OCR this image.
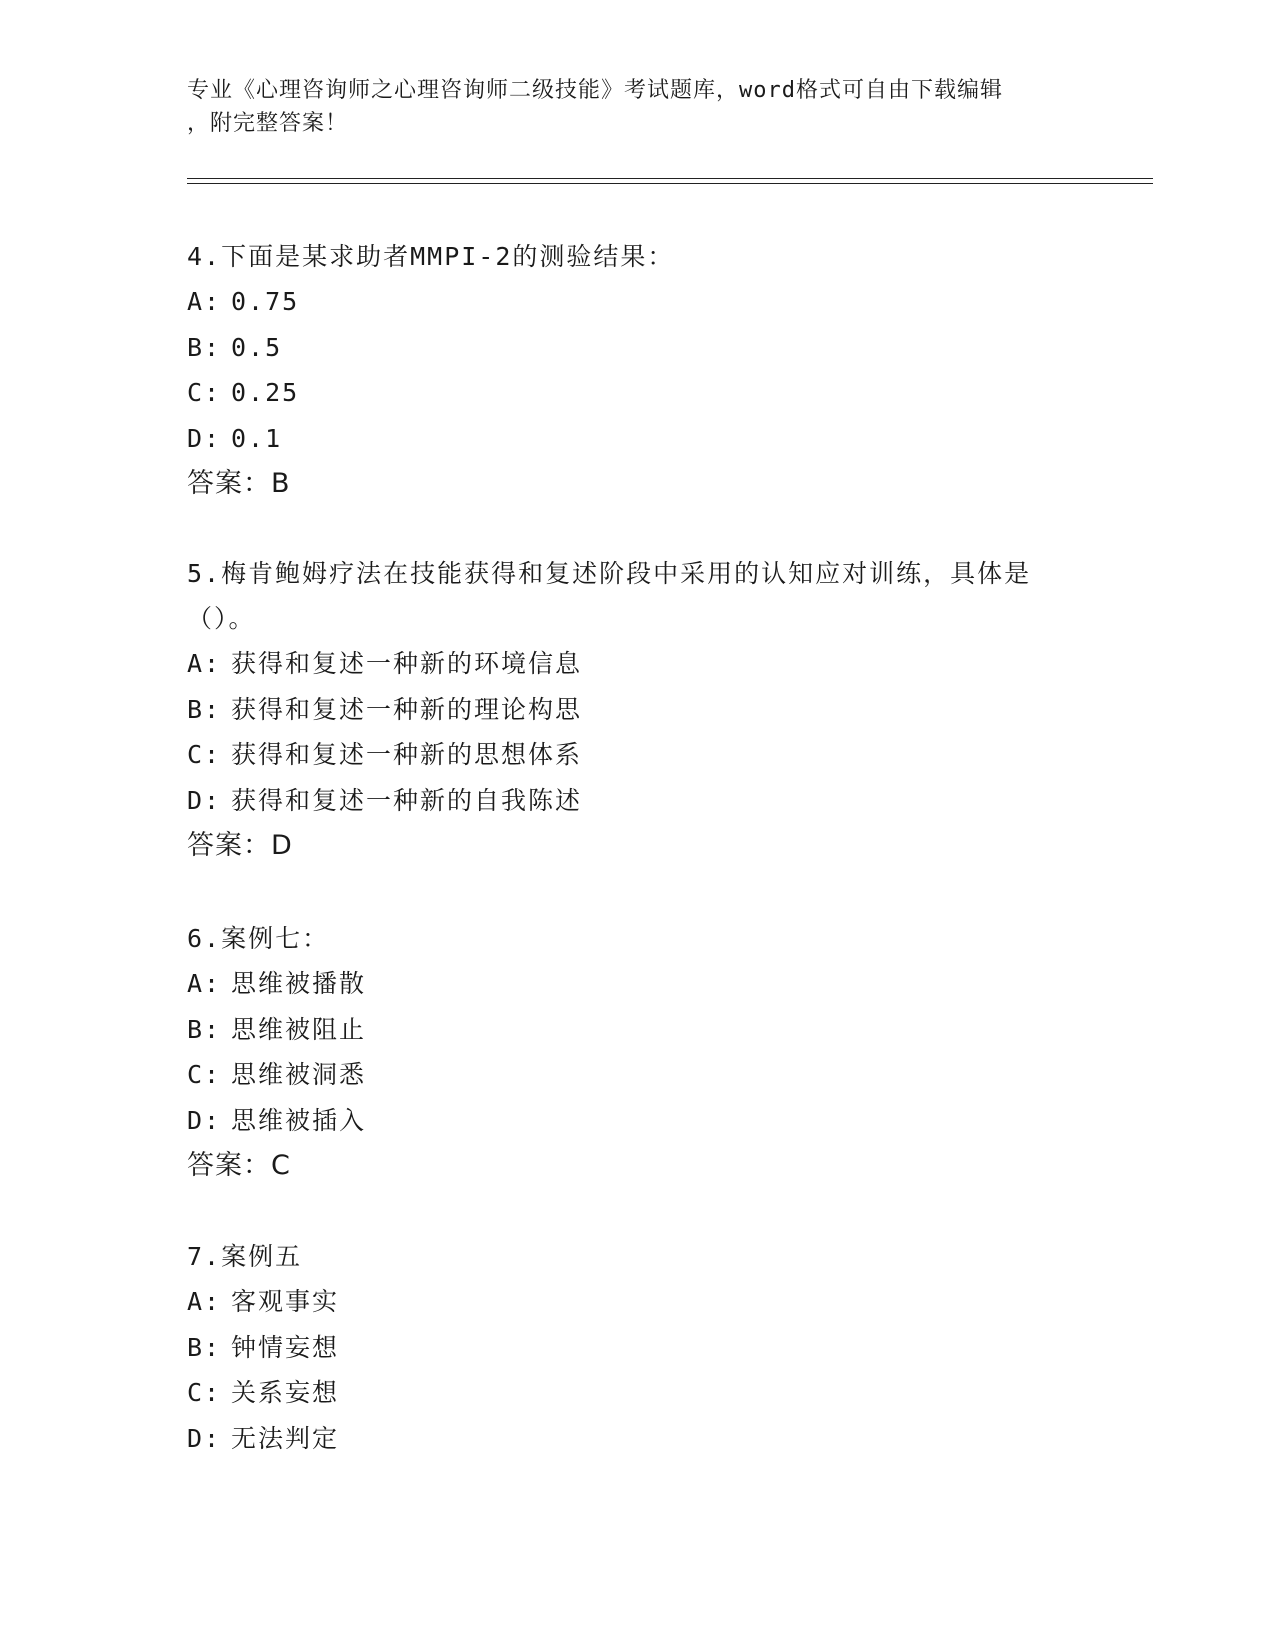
专业《心理咨询师之心理咨询师二级技能》考试题库，word格式可自由下载编辑
，附完整答案！

4.下面是某求助者MMPI-2的测验结果：

A: 0.75

B: 0.5

C: 0.25

D: 0.1

答案：B

5.梅肯鲍姆疗法在技能获得和复述阶段中采用的认知应对训练，具体是（）。

A: 获得和复述一种新的环境信息

B: 获得和复述一种新的理论构思

C: 获得和复述一种新的思想体系

D: 获得和复述一种新的自我陈述

答案：D

6.案例七：

A: 思维被播散

B: 思维被阻止

C: 思维被洞悉

D: 思维被插入

答案：C

7.案例五

A: 客观事实

B: 钟情妄想

C: 关系妄想

D: 无法判定
